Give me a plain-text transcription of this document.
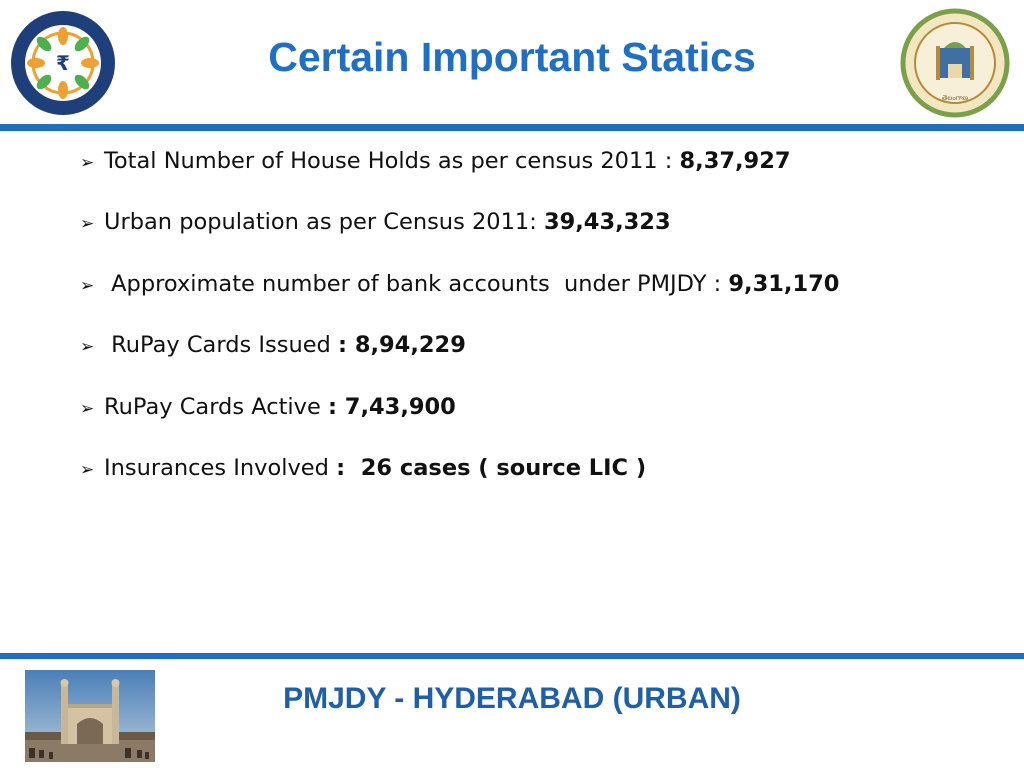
₹	Certain Important Statics
తెలంగాణ
➢ Total Number of House Holds as per census 2011 : 8,37,927
➢ Urban population as per Census 2011: 39,43,323
➢ Approximate number of bank accounts  under PMJDY : 9,31,170
➢ RuPay Cards Issued : 8,94,229
➢ RuPay Cards Active : 7,43,900
➢ Insurances Involved :  26 cases ( source LIC )
PMJDY - HYDERABAD (URBAN)
